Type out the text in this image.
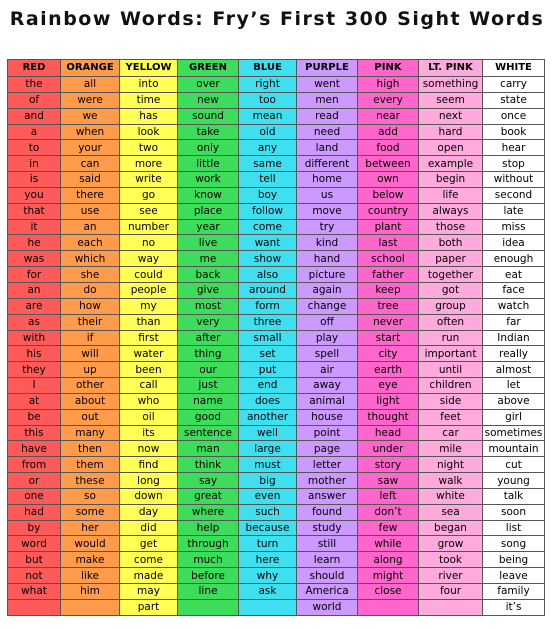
Rainbow Words: Fry’s First 300 Sight Words
RED	ORANGE	YELLOW	GREEN	BLUE	PURPLE	PINK	LT. PINK	WHITE
the	all	into	over	right	went	high	something	carry
of	were	time	new	too	men	every	seem	state
and	we	has	sound	mean	read	near	next	once
a	when	look	take	old	need	add	hard	book
to	your	two	only	any	land	food	open	hear
in	can	more	little	same	different	between	example	stop
is	said	write	work	tell	home	own	begin	without
you	there	go	know	boy	us	below	life	second
that	use	see	place	follow	move	country	always	late
it	an	number	year	come	try	plant	those	miss
he	each	no	live	want	kind	last	both	idea
was	which	way	me	show	hand	school	paper	enough
for	she	could	back	also	picture	father	together	eat
an	do	people	give	around	again	keep	got	face
are	how	my	most	form	change	tree	group	watch
as	their	than	very	three	off	never	often	far
with	if	first	after	small	play	start	run	Indian
his	will	water	thing	set	spell	city	important	really
they	up	been	our	put	air	earth	until	almost
I	other	call	just	end	away	eye	children	let
at	about	who	name	does	animal	light	side	above
be	out	oil	good	another	house	thought	feet	girl
this	many	its	sentence	well	point	head	car	sometimes
have	then	now	man	large	page	under	mile	mountain
from	them	find	think	must	letter	story	night	cut
or	these	long	say	big	mother	saw	walk	young
one	so	down	great	even	answer	left	white	talk
had	some	day	where	such	found	don’t	sea	soon
by	her	did	help	because	study	few	began	list
word	would	get	through	turn	still	while	grow	song
but	make	come	much	here	learn	along	took	being
not	like	made	before	why	should	might	river	leave
what	him	may	line	ask	America	close	four	family
		part			world			it’s
